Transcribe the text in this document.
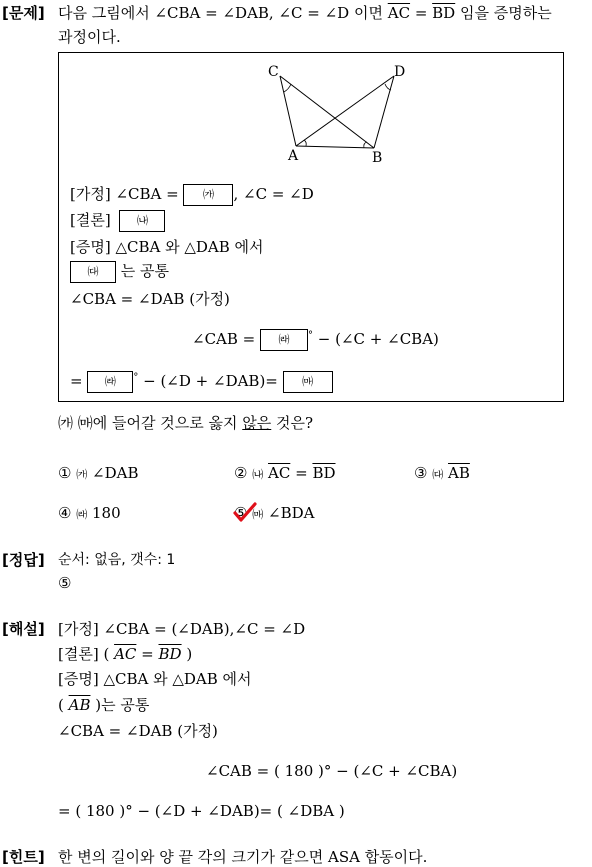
[문제] 다음 그림에서 ∠CBA = ∠DAB, ∠C = ∠D 이면 $\overline{AC} = \overline{BD}$ 임을 증명하는
과정이다.
C	D
A	B
[가정] ∠CBA = ㈎ , ∠C = ∠D
[결론] ㈏
[증명] △CBA 와 △DAB 에서
㈐ 는 공통
∠CBA = ∠DAB (가정)
∠CAB = ㈑ ° − (∠C + ∠CBA)
= ㈑ ° − (∠D + ∠DAB)= ㈒
㈎ ㈒에 들어갈 것으로 옳지 않은 것은?
① ㈎ ∠DAB	② ㈏ $\overline{AC} = \overline{BD}$	③ ㈐ $\overline{AB}$
④ ㈑ 180	⑤ ㈒ ∠BDA
[정답] 순서: 없음, 갯수: 1
⑤
[해설] [가정] ∠CBA = (∠DAB),∠C = ∠D
[결론] ( $\overline{AC} = \overline{BD}$ )
[증명] △CBA 와 △DAB 에서
( $\overline{AB}$ )는 공통
∠CBA = ∠DAB (가정)
∠CAB = ( 180 )° − (∠C + ∠CBA)
= ( 180 )° − (∠D + ∠DAB)= ( ∠DBA )
[힌트] 한 변의 길이와 양 끝 각의 크기가 같으면 ASA 합동이다.
